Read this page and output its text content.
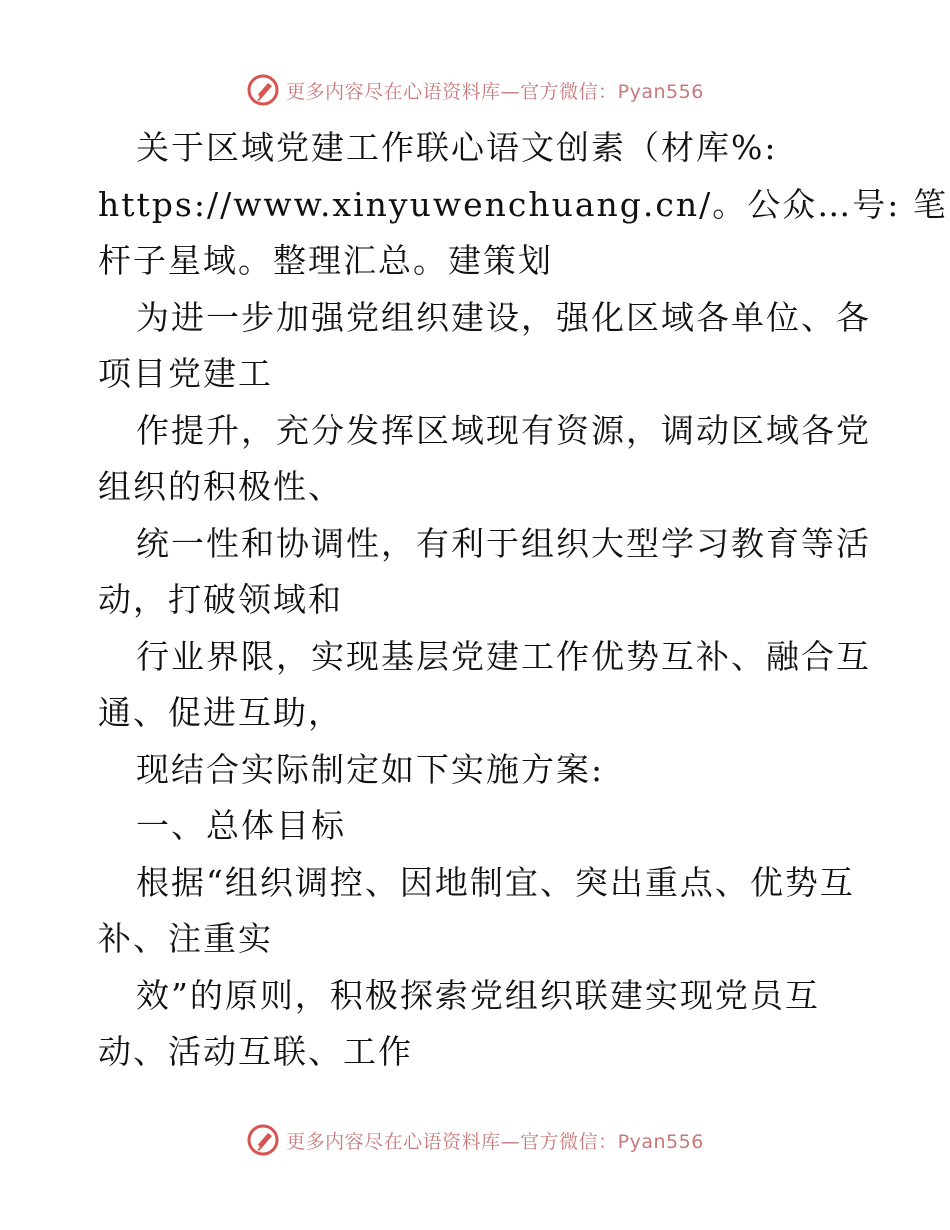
更多内容尽在心语资料库—官方微信：Pyan556
关于区域党建工作联心语文创素（材库%:
https://www.xinyuwenchuang.cn/。公众…号: 笔
杆子星域。整理汇总。建策划
为进一步加强党组织建设，强化区域各单位、各
项目党建工
作提升，充分发挥区域现有资源，调动区域各党
组织的积极性、
统一性和协调性，有利于组织大型学习教育等活
动，打破领域和
行业界限，实现基层党建工作优势互补、融合互
通、促进互助，
现结合实际制定如下实施方案:
一、总体目标
根据“组织调控、因地制宜、突出重点、优势互
补、注重实
效”的原则，积极探索党组织联建实现党员互
动、活动互联、工作
更多内容尽在心语资料库—官方微信：Pyan556
